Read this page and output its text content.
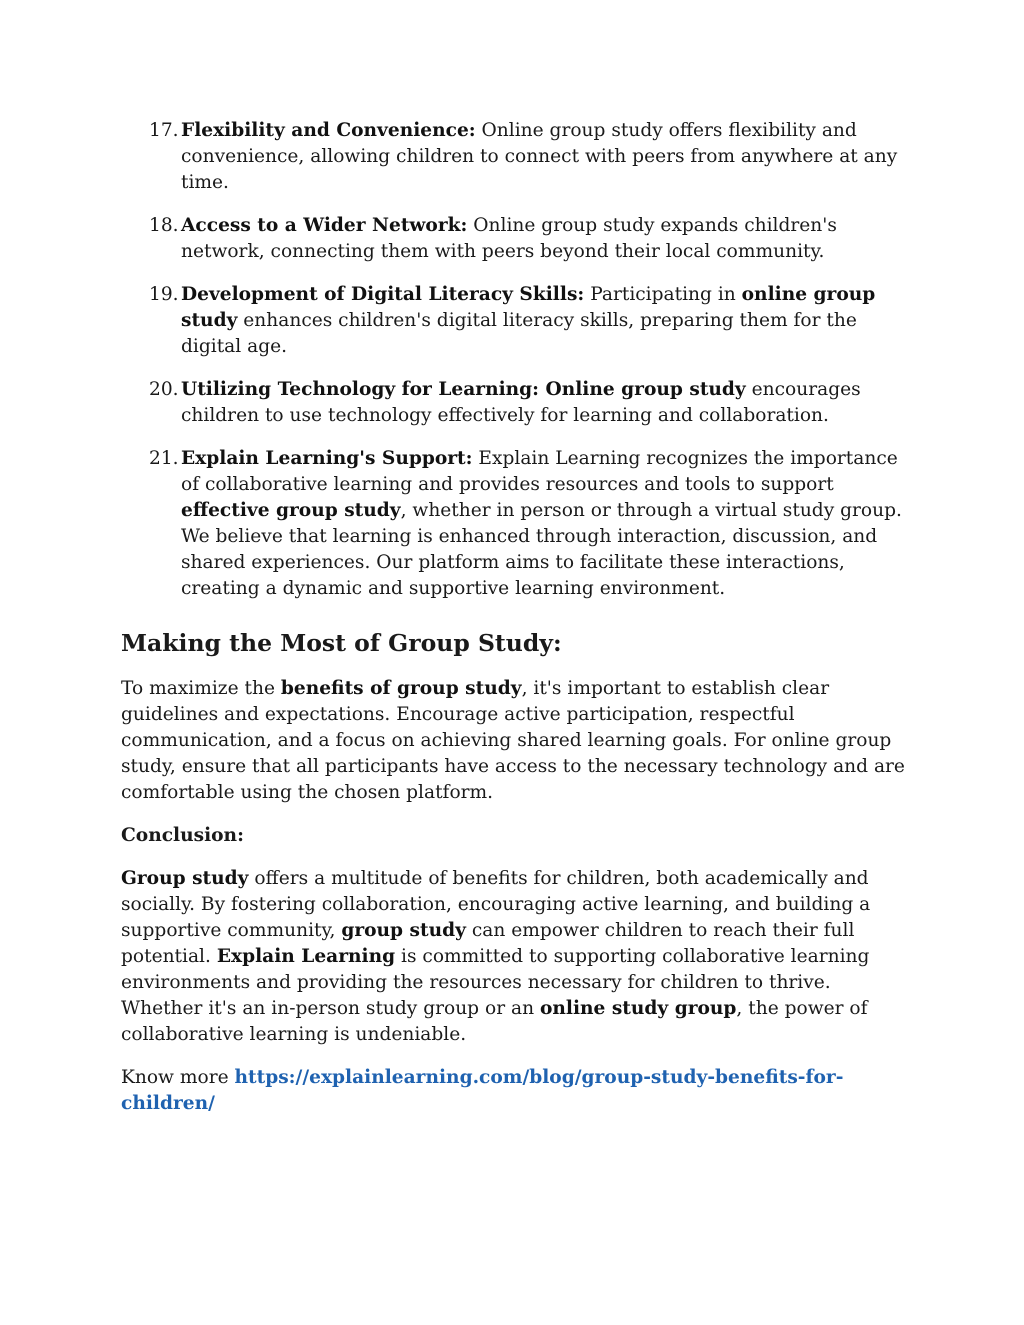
17. Flexibility and Convenience: Online group study offers flexibility and convenience, allowing children to connect with peers from anywhere at any time.
18. Access to a Wider Network: Online group study expands children's network, connecting them with peers beyond their local community.
19. Development of Digital Literacy Skills: Participating in online group study enhances children's digital literacy skills, preparing them for the digital age.
20. Utilizing Technology for Learning: Online group study encourages children to use technology effectively for learning and collaboration.
21. Explain Learning's Support: Explain Learning recognizes the importance of collaborative learning and provides resources and tools to support effective group study, whether in person or through a virtual study group. We believe that learning is enhanced through interaction, discussion, and shared experiences. Our platform aims to facilitate these interactions, creating a dynamic and supportive learning environment.
Making the Most of Group Study:

To maximize the benefits of group study, it's important to establish clear guidelines and expectations. Encourage active participation, respectful communication, and a focus on achieving shared learning goals. For online group study, ensure that all participants have access to the necessary technology and are comfortable using the chosen platform.

Conclusion:

Group study offers a multitude of benefits for children, both academically and socially. By fostering collaboration, encouraging active learning, and building a supportive community, group study can empower children to reach their full potential. Explain Learning is committed to supporting collaborative learning environments and providing the resources necessary for children to thrive. Whether it's an in-person study group or an online study group, the power of collaborative learning is undeniable.

Know more https://explainlearning.com/blog/group-study-benefits-for-children/
